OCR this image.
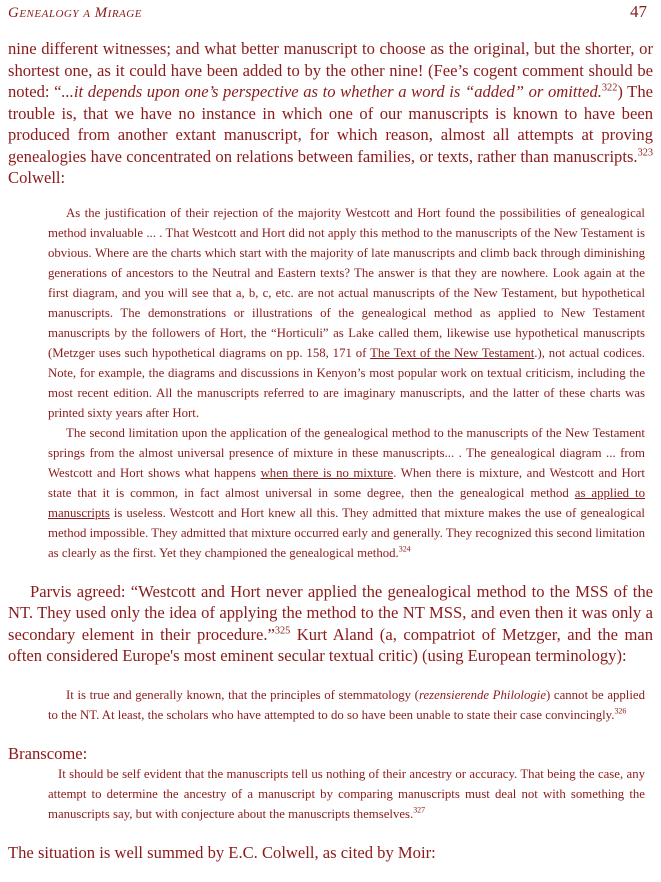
Genealogy a Mirage	47

nine different witnesses; and what better manuscript to choose as the original, but the shorter, or shortest one, as it could have been added to by the other nine! (Fee’s cogent comment should be noted: “...it depends upon one’s perspective as to whether a word is “added” or omitted.$^{322}$) The trouble is, that we have no instance in which one of our manuscripts is known to have been produced from another extant manuscript, for which reason, almost all attempts at proving genealogies have concentrated on relations between families, or texts, rather than manuscripts.$^{323}$ Colwell:

As the justification of their rejection of the majority Westcott and Hort found the possibilities of genealogical method invaluable ... . That Westcott and Hort did not apply this method to the manuscripts of the New Testament is obvious. Where are the charts which start with the majority of late manuscripts and climb back through diminishing generations of ancestors to the Neutral and Eastern texts? The answer is that they are nowhere. Look again at the first diagram, and you will see that a, b, c, etc. are not actual manuscripts of the New Testament, but hypothetical manuscripts. The demonstrations or illustrations of the genealogical method as applied to New Testament manuscripts by the followers of Hort, the “Horticuli” as Lake called them, likewise use hypothetical manuscripts (Metzger uses such hypothetical diagrams on pp. 158, 171 of The Text of the New Testament.), not actual codices. Note, for example, the diagrams and discussions in Kenyon’s most popular work on textual criticism, including the most recent edition. All the manuscripts referred to are imaginary manuscripts, and the latter of these charts was printed sixty years after Hort.

The second limitation upon the application of the genealogical method to the manuscripts of the New Testament springs from the almost universal presence of mixture in these manuscripts... . The genealogical diagram ... from Westcott and Hort shows what happens when there is no mixture. When there is mixture, and Westcott and Hort state that it is common, in fact almost universal in some degree, then the genealogical method as applied to manuscripts is useless. Westcott and Hort knew all this. They admitted that mixture makes the use of genealogical method impossible. They admitted that mixture occurred early and generally. They recognized this second limitation as clearly as the first. Yet they championed the genealogical method.$^{324}$

Parvis agreed: “Westcott and Hort never applied the genealogical method to the MSS of the NT. They used only the idea of applying the method to the NT MSS, and even then it was only a secondary element in their procedure.”$^{325}$ Kurt Aland (a, compatriot of Metzger, and the man often considered Europe's most eminent secular textual critic) (using European terminology):

It is true and generally known, that the principles of stemmatology (rezensierende Philologie) cannot be applied to the NT. At least, the scholars who have attempted to do so have been unable to state their case convincingly.$^{326}$

Branscome:

It should be self evident that the manuscripts tell us nothing of their ancestry or accuracy. That being the case, any attempt to determine the ancestry of a manuscript by comparing manuscripts must deal not with something the manuscripts say, but with conjecture about the manuscripts themselves.$^{327}$

The situation is well summed by E.C. Colwell, as cited by Moir:
